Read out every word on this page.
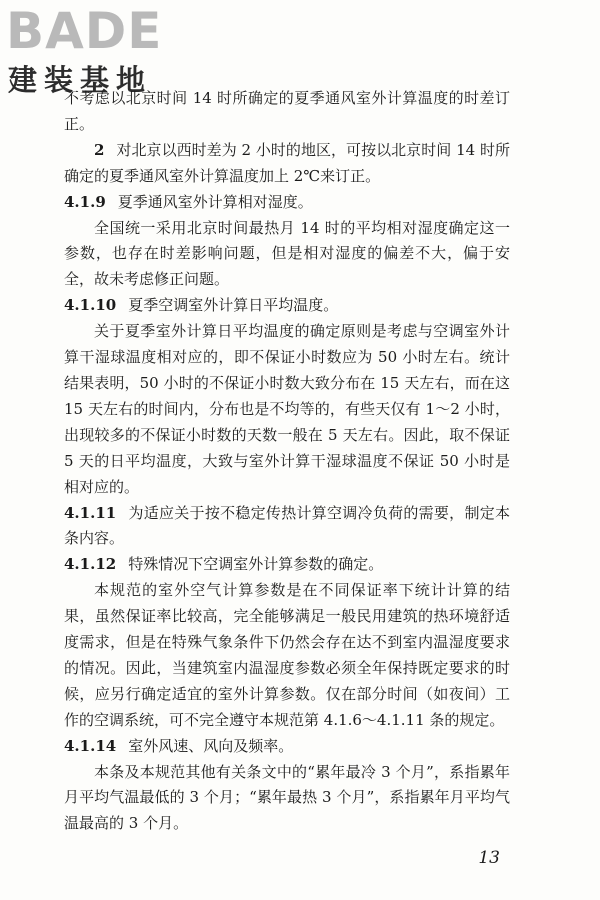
BADE
建装基地

不考虑以北京时间 14 时所确定的夏季通风室外计算温度的时差订正。

2 对北京以西时差为 2 小时的地区，可按以北京时间 14 时所确定的夏季通风室外计算温度加上 2℃来订正。

4.1.9 夏季通风室外计算相对湿度。

全国统一采用北京时间最热月 14 时的平均相对湿度确定这一参数，也存在时差影响问题，但是相对湿度的偏差不大，偏于安全，故未考虑修正问题。

4.1.10 夏季空调室外计算日平均温度。

关于夏季室外计算日平均温度的确定原则是考虑与空调室外计算干湿球温度相对应的，即不保证小时数应为 50 小时左右。统计结果表明，50 小时的不保证小时数大致分布在 15 天左右，而在这 15 天左右的时间内，分布也是不均等的，有些天仅有 1～2 小时，出现较多的不保证小时数的天数一般在 5 天左右。因此，取不保证 5 天的日平均温度，大致与室外计算干湿球温度不保证 50 小时是相对应的。

4.1.11 为适应关于按不稳定传热计算空调冷负荷的需要，制定本条内容。

4.1.12 特殊情况下空调室外计算参数的确定。

本规范的室外空气计算参数是在不同保证率下统计计算的结果，虽然保证率比较高，完全能够满足一般民用建筑的热环境舒适度需求，但是在特殊气象条件下仍然会存在达不到室内温湿度要求的情况。因此，当建筑室内温湿度参数必须全年保持既定要求的时候，应另行确定适宜的室外计算参数。仅在部分时间（如夜间）工作的空调系统，可不完全遵守本规范第 4.1.6～4.1.11 条的规定。

4.1.14 室外风速、风向及频率。

本条及本规范其他有关条文中的“累年最冷 3 个月”，系指累年月平均气温最低的 3 个月；“累年最热 3 个月”，系指累年月平均气温最高的 3 个月。

13
